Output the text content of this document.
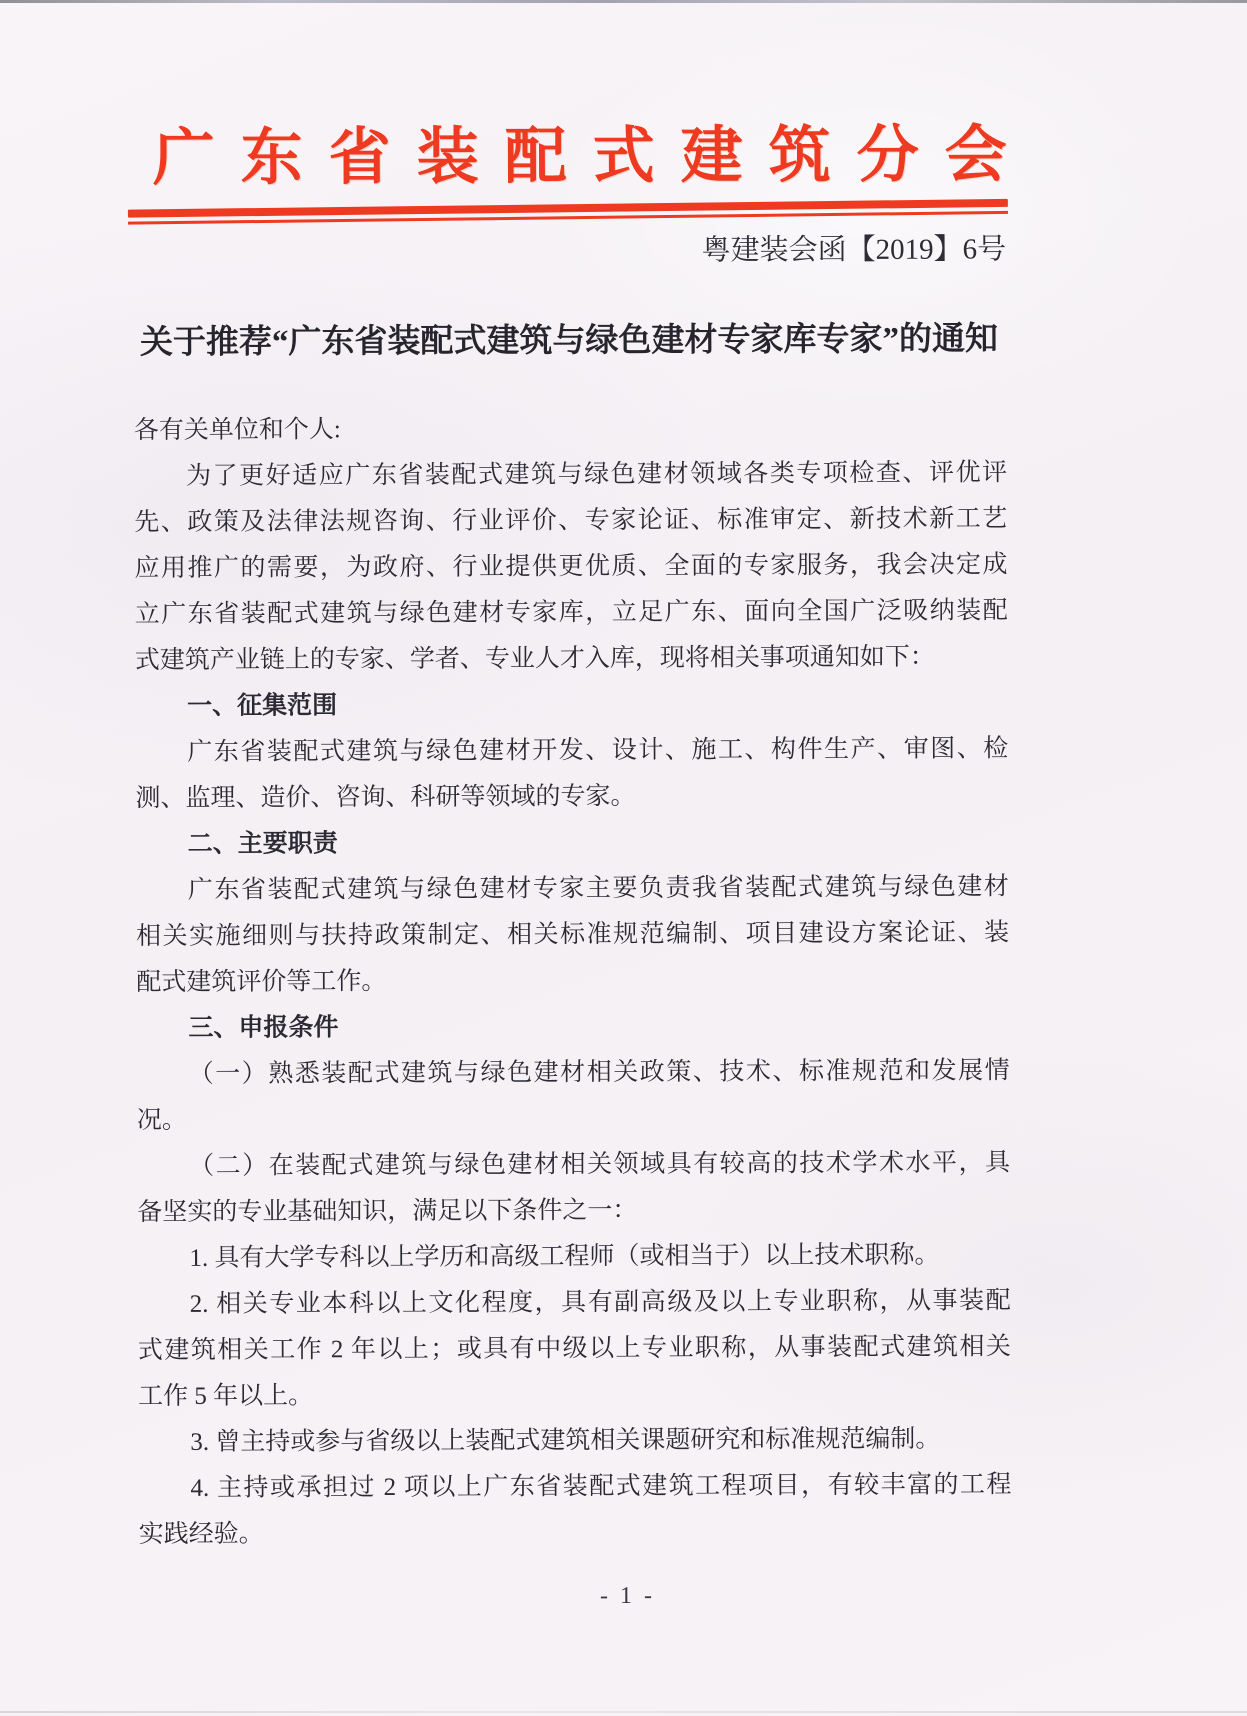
广东省装配式建筑分会
粤建装会函【2019】6号
关于推荐“广东省装配式建筑与绿色建材专家库专家”的通知
各有关单位和个人:
为了更好适应广东省装配式建筑与绿色建材领域各类专项检查、评优评
先、政策及法律法规咨询、行业评价、专家论证、标准审定、新技术新工艺
应用推广的需要，为政府、行业提供更优质、全面的专家服务，我会决定成
立广东省装配式建筑与绿色建材专家库，立足广东、面向全国广泛吸纳装配
式建筑产业链上的专家、学者、专业人才入库，现将相关事项通知如下：
一、征集范围
广东省装配式建筑与绿色建材开发、设计、施工、构件生产、审图、检
测、监理、造价、咨询、科研等领域的专家。
二、主要职责
广东省装配式建筑与绿色建材专家主要负责我省装配式建筑与绿色建材
相关实施细则与扶持政策制定、相关标准规范编制、项目建设方案论证、装
配式建筑评价等工作。
三、申报条件
（一）熟悉装配式建筑与绿色建材相关政策、技术、标准规范和发展情
况。
（二）在装配式建筑与绿色建材相关领域具有较高的技术学术水平，具
备坚实的专业基础知识，满足以下条件之一：
1. 具有大学专科以上学历和高级工程师（或相当于）以上技术职称。
2. 相关专业本科以上文化程度，具有副高级及以上专业职称，从事装配
式建筑相关工作 2 年以上；或具有中级以上专业职称，从事装配式建筑相关
工作 5 年以上。
3. 曾主持或参与省级以上装配式建筑相关课题研究和标准规范编制。
4. 主持或承担过 2 项以上广东省装配式建筑工程项目，有较丰富的工程
实践经验。
- 1 -
